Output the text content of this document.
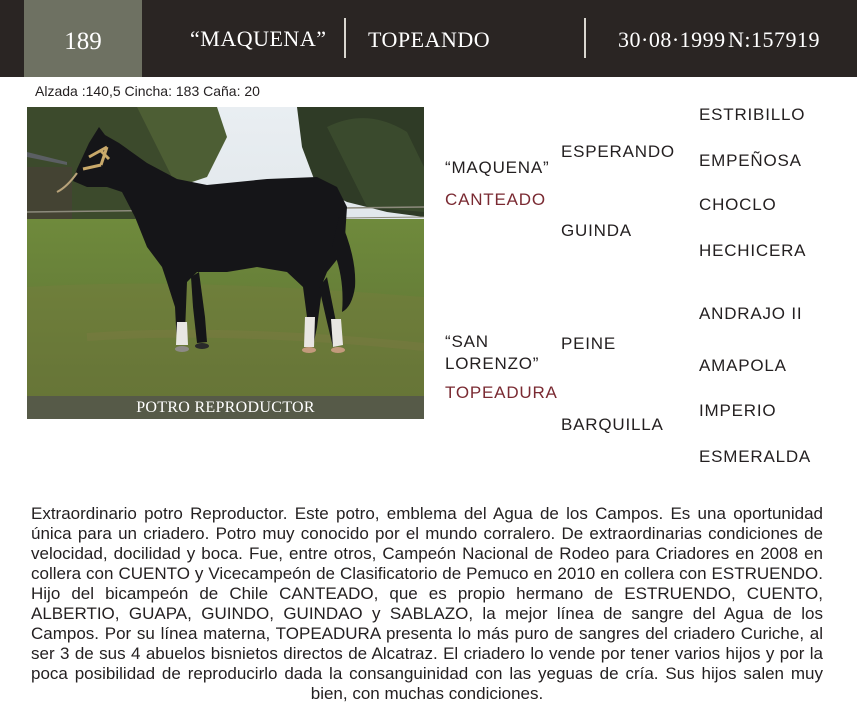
189	“MAQUENA” TOPEANDO	30·08·1999 N:157919
Alzada :140,5 Cincha: 183 Caña: 20
POTRO REPRODUCTOR
“MAQUENA”
CANTEADO
ESPERANDO
GUINDA
ESTRIBILLO
EMPEÑOSA
CHOCLO
HECHICERA
“SAN
LORENZO”
TOPEADURA
PEINE
BARQUILLA
ANDRAJO II
AMAPOLA
IMPERIO
ESMERALDA
Extraordinario potro Reproductor. Este potro, emblema del Agua de los Campos. Es una oportunidad única para un criadero. Potro muy conocido por el mundo corralero. De extraordinarias condiciones de velocidad, docilidad y boca. Fue, entre otros, Campeón Nacional de Rodeo para Criadores en 2008 en collera con CUENTO y Vicecampeón de Clasificatorio de Pemuco en 2010 en collera con ESTRUENDO. Hijo del bicampeón de Chile CANTEADO, que es propio hermano de ESTRUENDO, CUENTO, ALBERTIO, GUAPA, GUINDO, GUINDAO y SABLAZO, la mejor línea de sangre del Agua de los Campos. Por su línea materna, TOPEADURA presenta lo más puro de sangres del criadero Curiche, al ser 3 de sus 4 abuelos bisnietos directos de Alcatraz. El criadero lo vende por tener varios hijos y por la poca posibilidad de reproducirlo dada la consanguinidad con las yeguas de cría. Sus hijos salen muy bien, con muchas condiciones.
